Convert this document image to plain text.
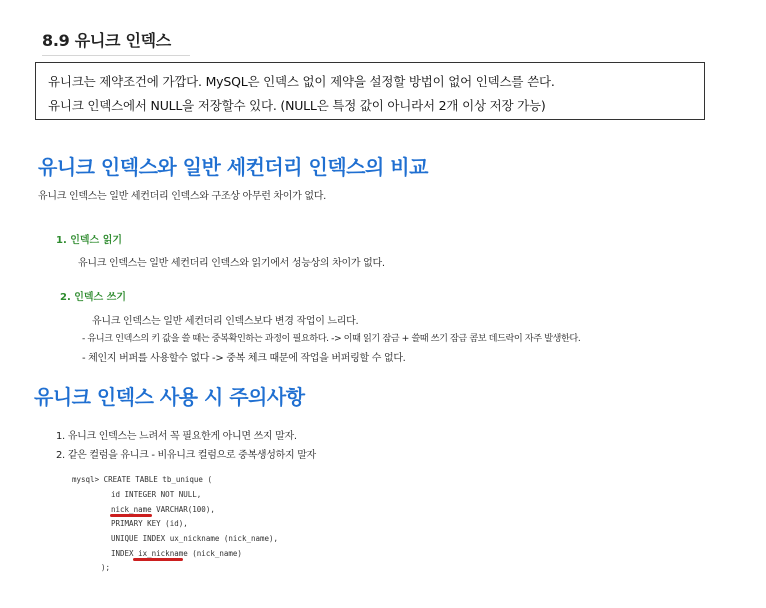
8.9 유니크 인덱스
유니크는 제약조건에 가깝다. MySQL은 인덱스 없이 제약을 설정할 방법이 없어 인덱스를 쓴다.
유니크 인덱스에서 NULL을 저장할수 있다. (NULL은 특정 값이 아니라서 2개 이상 저장 가능)
유니크 인덱스와 일반 세컨더리 인덱스의 비교
유니크 인덱스는 일반 세컨더리 인덱스와 구조상 아무런 차이가 없다.
1. 인덱스 읽기
유니크 인덱스는 일반 세컨더리 인덱스와 읽기에서 성능상의 차이가 없다.
2. 인덱스 쓰기
유니크 인덱스는 일반 세컨더리 인덱스보다 변경 작업이 느리다.
- 유니크 인덱스의 키 값을 쓸 때는 중복확인하는 과정이 필요하다. -> 이때 읽기 잠금 + 쓸때 쓰기 잠금 콤보 데드락이 자주 발생한다.
- 체인지 버퍼를 사용할수 없다 -> 중복 체크 때문에 작업을 버퍼링할 수 없다.
유니크 인덱스 사용 시 주의사항
1. 유니크 인덱스는 느려서 꼭 필요한게 아니면 쓰지 말자.
2. 같은 컬럼을 유니크 - 비유니크 컬럼으로 중복생성하지 말자
mysql> CREATE TABLE tb_unique (
id INTEGER NOT NULL,
nick_name VARCHAR(100),
PRIMARY KEY (id),
UNIQUE INDEX ux_nickname (nick_name),
INDEX ix_nickname (nick_name)
);
